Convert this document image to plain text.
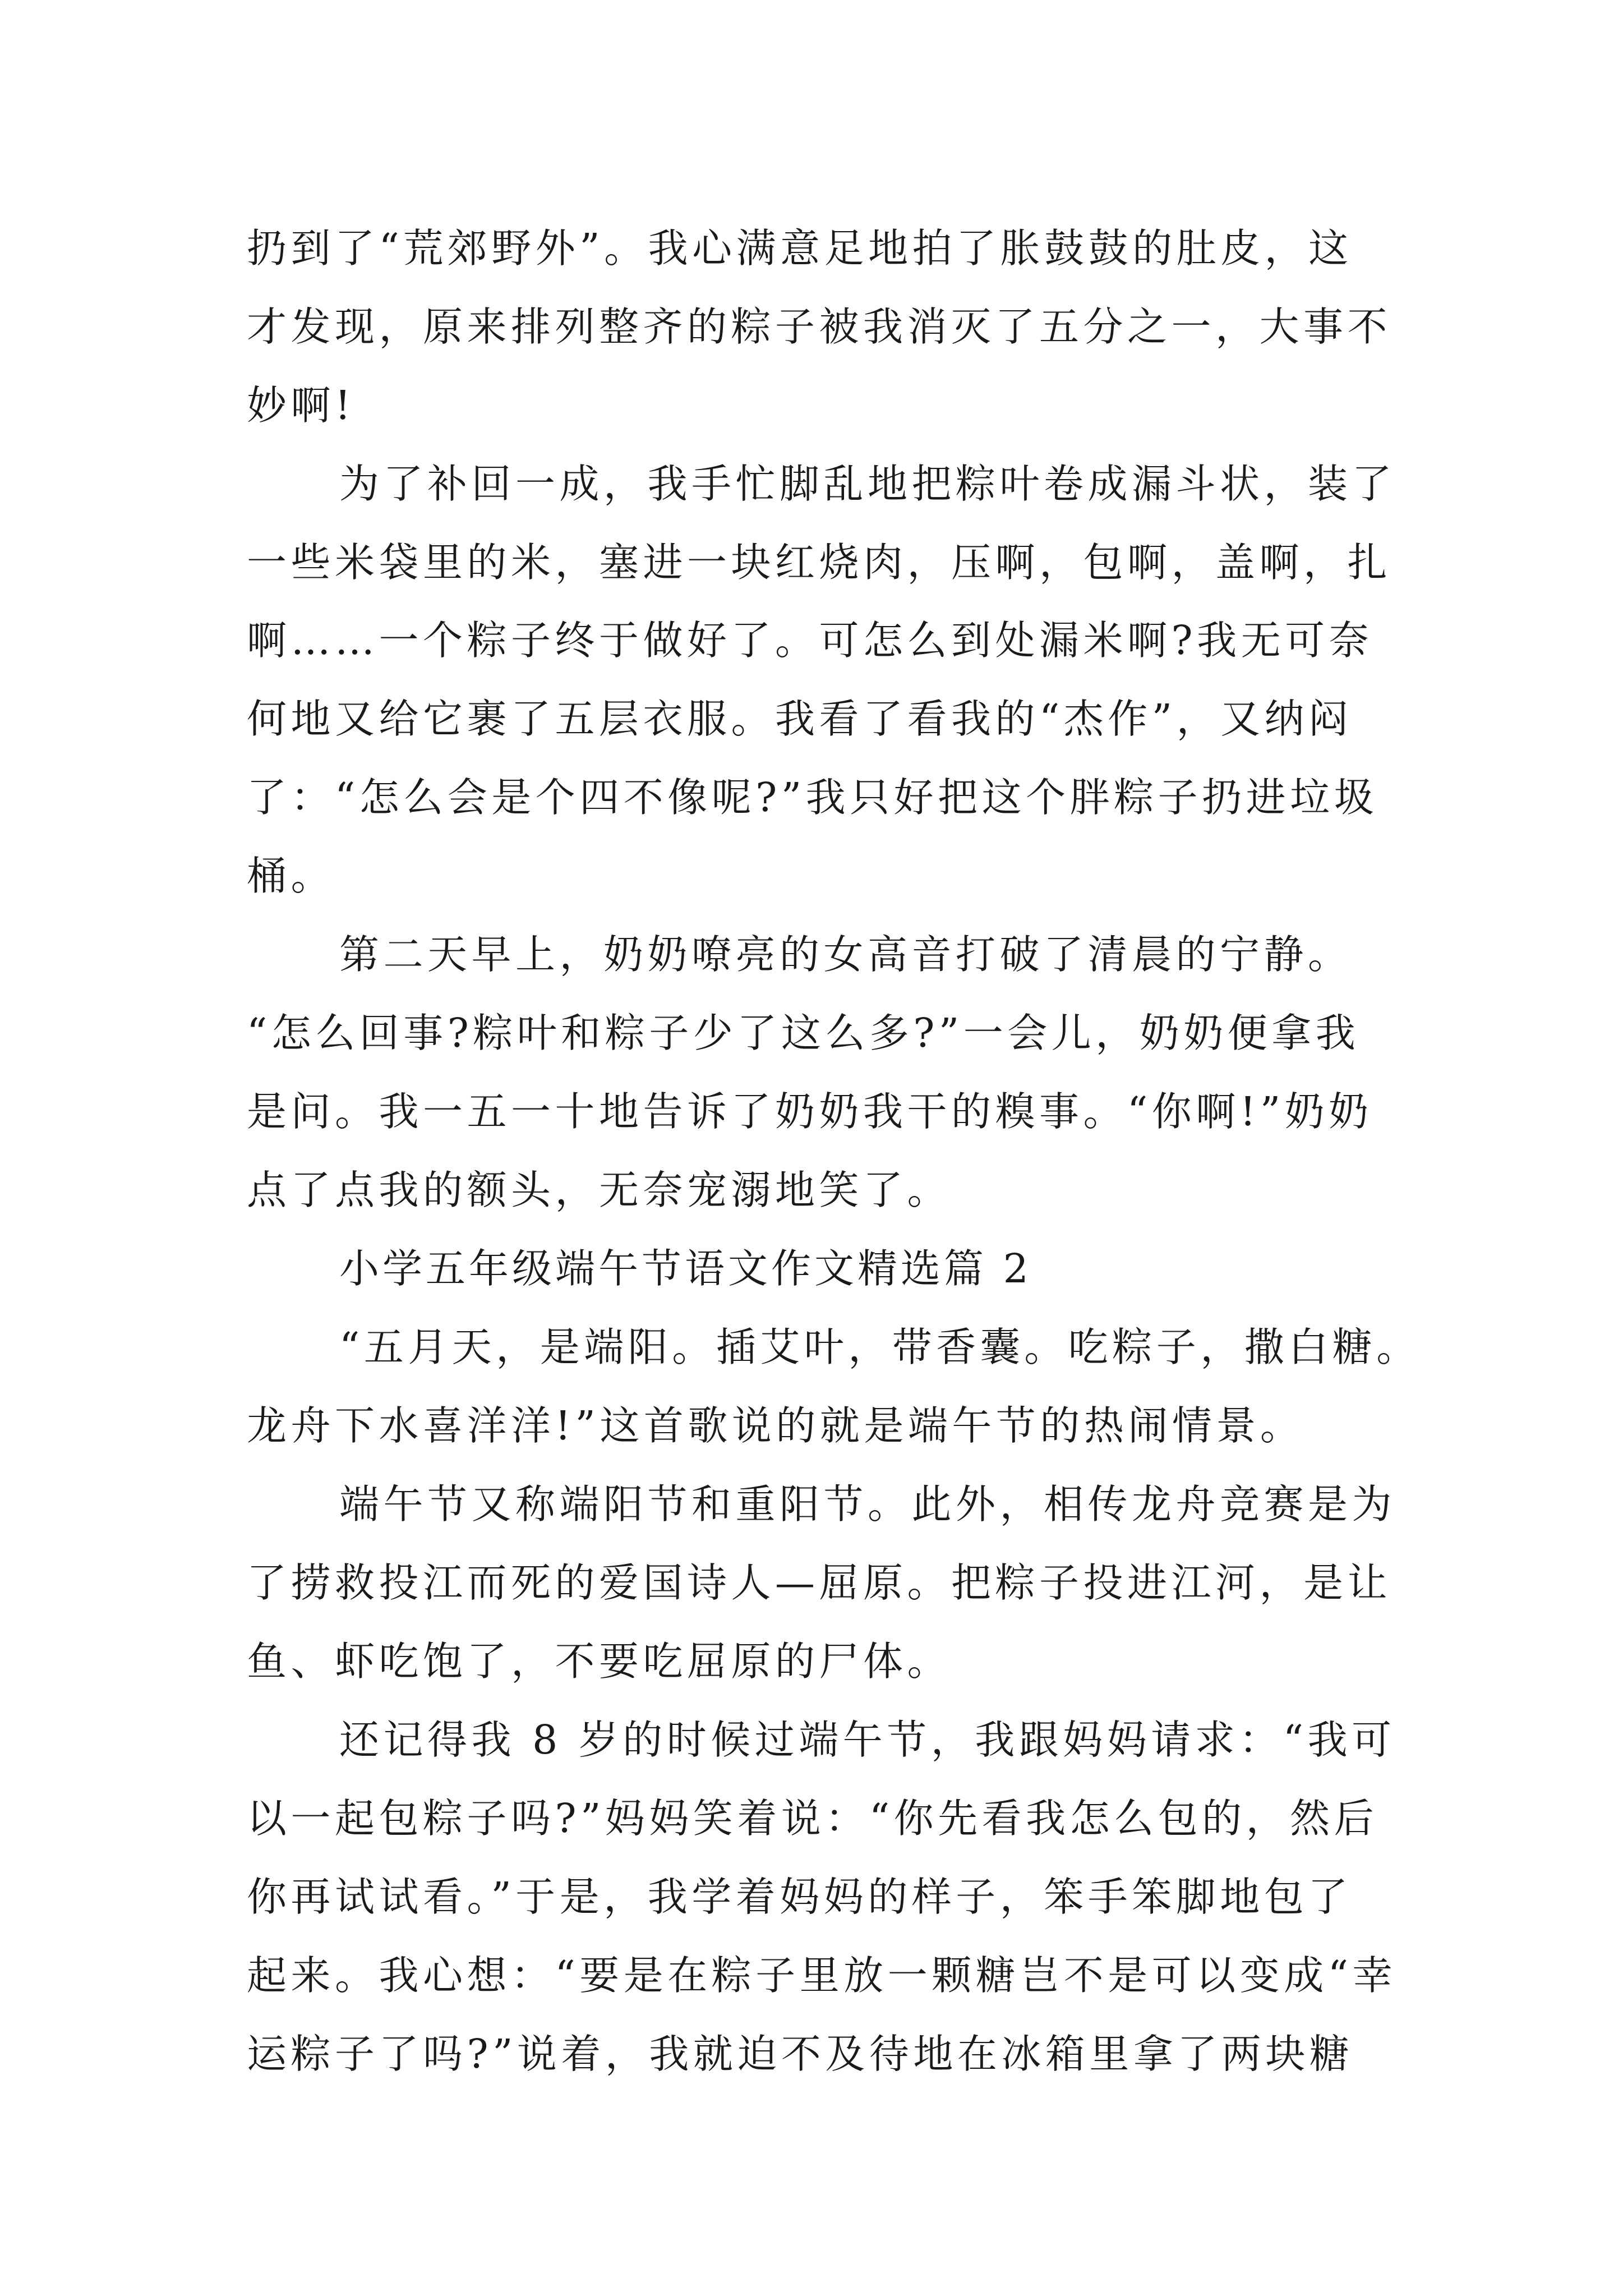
扔到了“荒郊野外”。我心满意足地拍了胀鼓鼓的肚皮，这
才发现，原来排列整齐的粽子被我消灭了五分之一，大事不
妙啊!
为了补回一成，我手忙脚乱地把粽叶卷成漏斗状，装了
一些米袋里的米，塞进一块红烧肉，压啊，包啊，盖啊，扎
啊……一个粽子终于做好了。可怎么到处漏米啊?我无可奈
何地又给它裹了五层衣服。我看了看我的“杰作”，又纳闷
了：“怎么会是个四不像呢?”我只好把这个胖粽子扔进垃圾
桶。
第二天早上，奶奶嘹亮的女高音打破了清晨的宁静。
“怎么回事?粽叶和粽子少了这么多?”一会儿，奶奶便拿我
是问。我一五一十地告诉了奶奶我干的糗事。“你啊!”奶奶
点了点我的额头，无奈宠溺地笑了。
小学五年级端午节语文作文精选篇 2
“五月天，是端阳。插艾叶，带香囊。吃粽子，撒白糖。
龙舟下水喜洋洋!”这首歌说的就是端午节的热闹情景。
端午节又称端阳节和重阳节。此外，相传龙舟竞赛是为
了捞救投江而死的爱国诗人—屈原。把粽子投进江河，是让
鱼、虾吃饱了，不要吃屈原的尸体。
还记得我 8 岁的时候过端午节，我跟妈妈请求：“我可
以一起包粽子吗?”妈妈笑着说：“你先看我怎么包的，然后
你再试试看。”于是，我学着妈妈的样子，笨手笨脚地包了
起来。我心想：“要是在粽子里放一颗糖岂不是可以变成“幸
运粽子了吗?”说着，我就迫不及待地在冰箱里拿了两块糖
